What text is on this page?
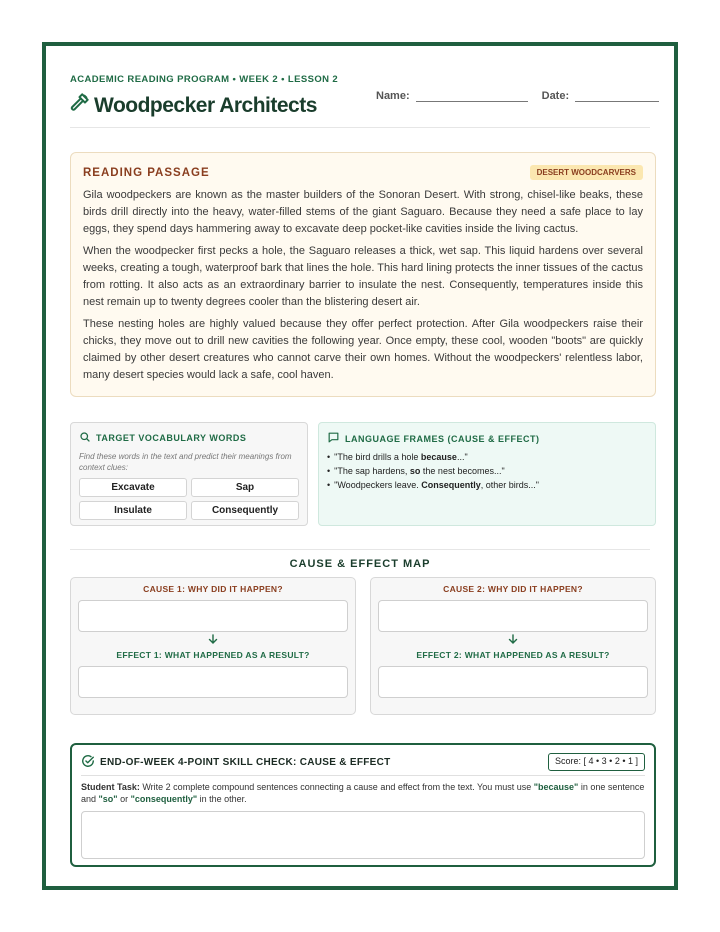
ACADEMIC READING PROGRAM • WEEK 2 • LESSON 2
Woodpecker Architects	Name:	Date:
READING PASSAGE	DESERT WOODCARVERS

Gila woodpeckers are known as the master builders of the Sonoran Desert. With strong, chisel-like beaks, these birds drill directly into the heavy, water-filled stems of the giant Saguaro. Because they need a safe place to lay eggs, they spend days hammering away to excavate deep pocket-like cavities inside the living cactus.

When the woodpecker first pecks a hole, the Saguaro releases a thick, wet sap. This liquid hardens over several weeks, creating a tough, waterproof bark that lines the hole. This hard lining protects the inner tissues of the cactus from rotting. It also acts as an extraordinary barrier to insulate the nest. Consequently, temperatures inside this nest remain up to twenty degrees cooler than the blistering desert air.

These nesting holes are highly valued because they offer perfect protection. After Gila woodpeckers raise their chicks, they move out to drill new cavities the following year. Once empty, these cool, wooden "boots" are quickly claimed by other desert creatures who cannot carve their own homes. Without the woodpeckers' relentless labor, many desert species would lack a safe, cool haven.

TARGET VOCABULARY WORDS
Find these words in the text and predict their meanings from context clues:
Excavate	Sap
Insulate	Consequently
LANGUAGE FRAMES (CAUSE & EFFECT)
• "The bird drills a hole because..."
• "The sap hardens, so the nest becomes..."
• "Woodpeckers leave. Consequently, other birds..."
CAUSE & EFFECT MAP
CAUSE 1: WHY DID IT HAPPEN?
EFFECT 1: WHAT HAPPENED AS A RESULT?
CAUSE 2: WHY DID IT HAPPEN?
EFFECT 2: WHAT HAPPENED AS A RESULT?
END-OF-WEEK 4-POINT SKILL CHECK: CAUSE & EFFECT	Score: [ 4 • 3 • 2 • 1 ]
Student Task: Write 2 complete compound sentences connecting a cause and effect from the text. You must use "because" in one sentence and "so" or "consequently" in the other.
